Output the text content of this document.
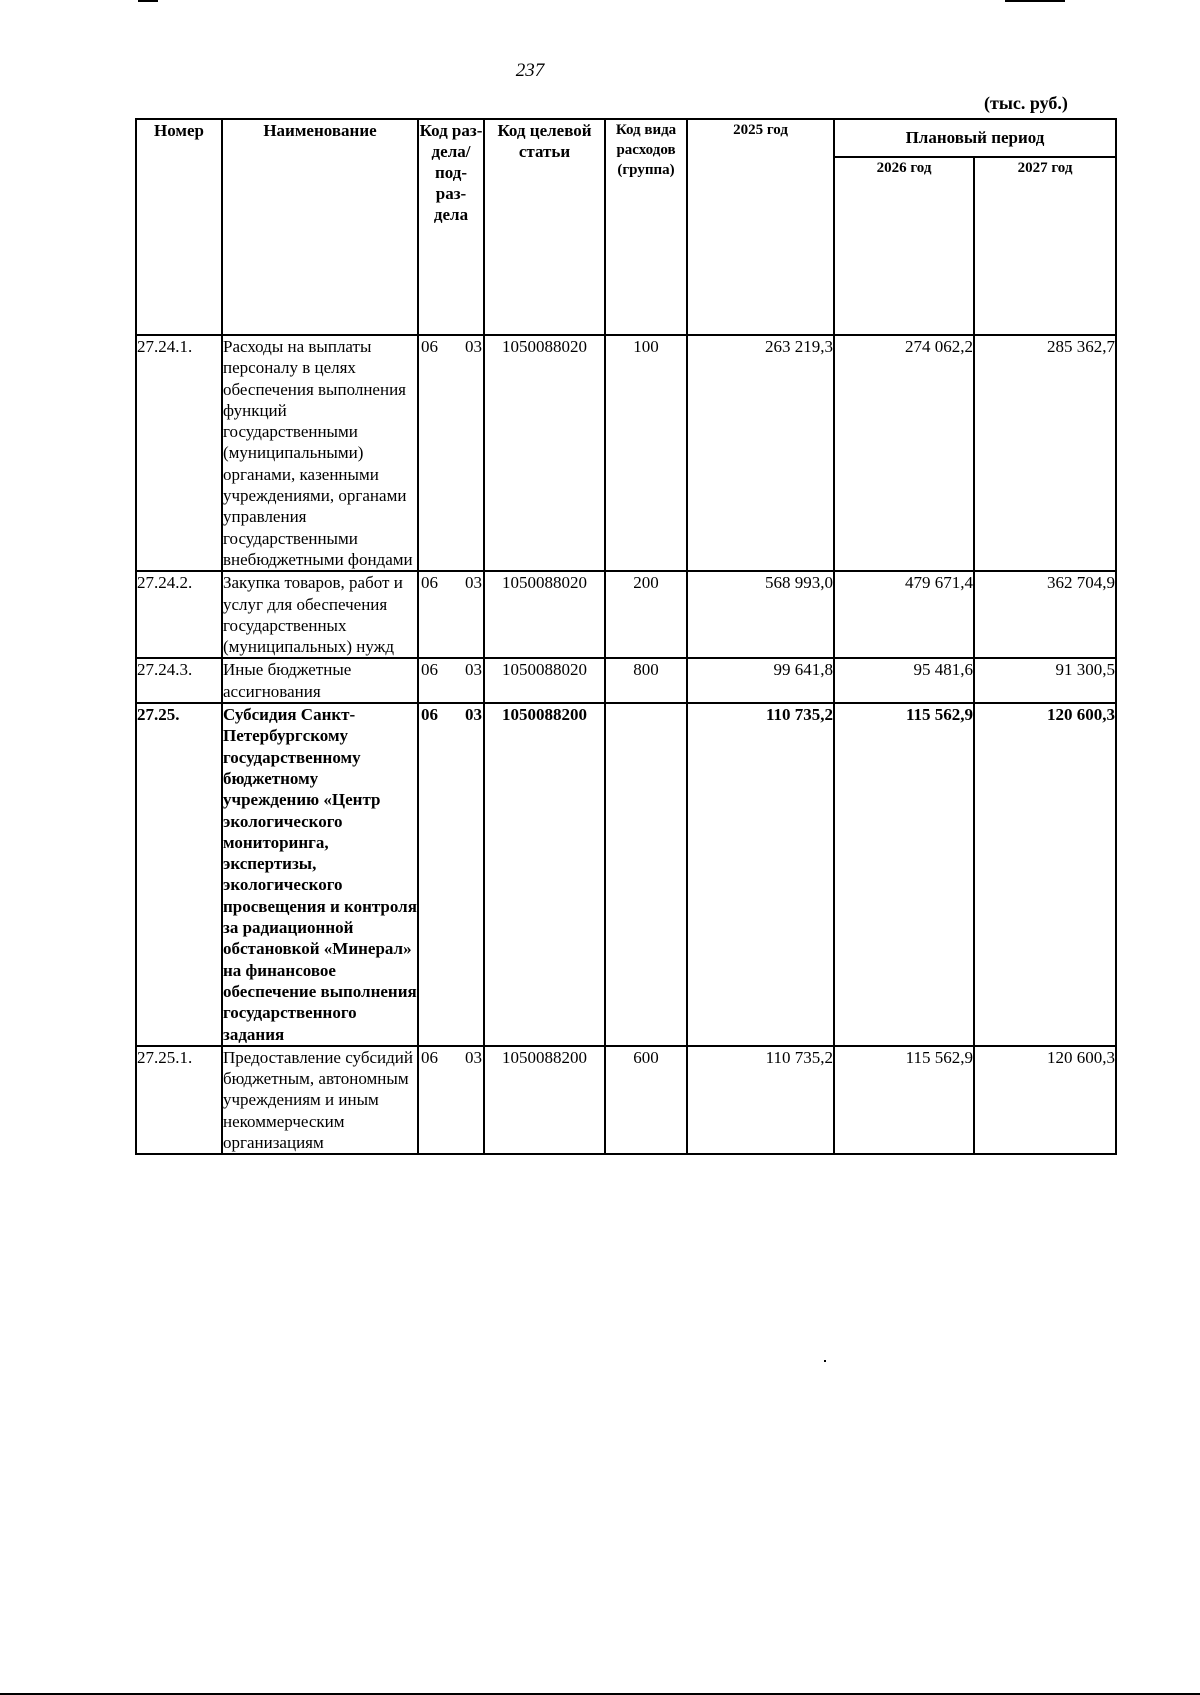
237
(тыс. руб.)
Номер	Наименование	Код раз- дела/ под- раз- дела	Код целевой статьи	Код вида расходов (группа)	2025 год	Плановый период	
						2026 год	2027 год
27.24.1.	Расходы на выплаты персоналу в целях обеспечения выполнения функций государственными (муниципальными) органами, казенными учреждениями, органами управления государственными внебюджетными фондами	06 03	1050088020	100	263 219,3	274 062,2	285 362,7
27.24.2.	Закупка товаров, работ и услуг для обеспечения государственных (муниципальных) нужд	06 03	1050088020	200	568 993,0	479 671,4	362 704,9
27.24.3.	Иные бюджетные ассигнования	06 03	1050088020	800	99 641,8	95 481,6	91 300,5
27.25.	Субсидия Санкт-Петербургскому государственному бюджетному учреждению «Центр экологического мониторинга, экспертизы, экологического просвещения и контроля за радиационной обстановкой «Минерал» на финансовое обеспечение выполнения государственного задания	06 03	1050088200		110 735,2	115 562,9	120 600,3
27.25.1.	Предоставление субсидий бюджетным, автономным учреждениям и иным некоммерческим организациям	06 03	1050088200	600	110 735,2	115 562,9	120 600,3
